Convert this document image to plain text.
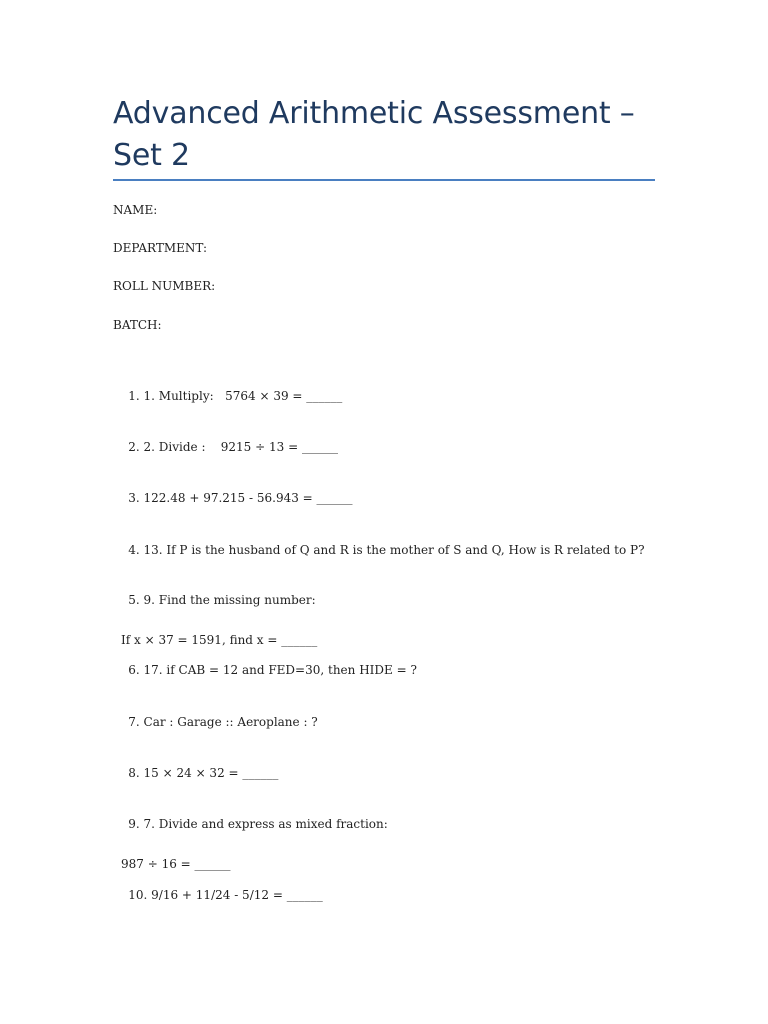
Advanced Arithmetic Assessment – Set 2
NAME:
DEPARTMENT:
ROLL NUMBER:
BATCH:

1. 1. Multiply:   5764 × 39 = ______

2. 2. Divide :    9215 ÷ 13 = ______

3. 122.48 + 97.215 - 56.943 = ______

4. 13. If P is the husband of Q and R is the mother of S and Q, How is R related to P?

5. 9. Find the missing number:

If x × 37 = 1591, find x = ______

6. 17. if CAB = 12 and FED=30, then HIDE = ?

7. Car : Garage :: Aeroplane : ?

8. 15 × 24 × 32 = ______

9. 7. Divide and express as mixed fraction:

987 ÷ 16 = ______

10. 9/16 + 11/24 - 5/12 = ______
